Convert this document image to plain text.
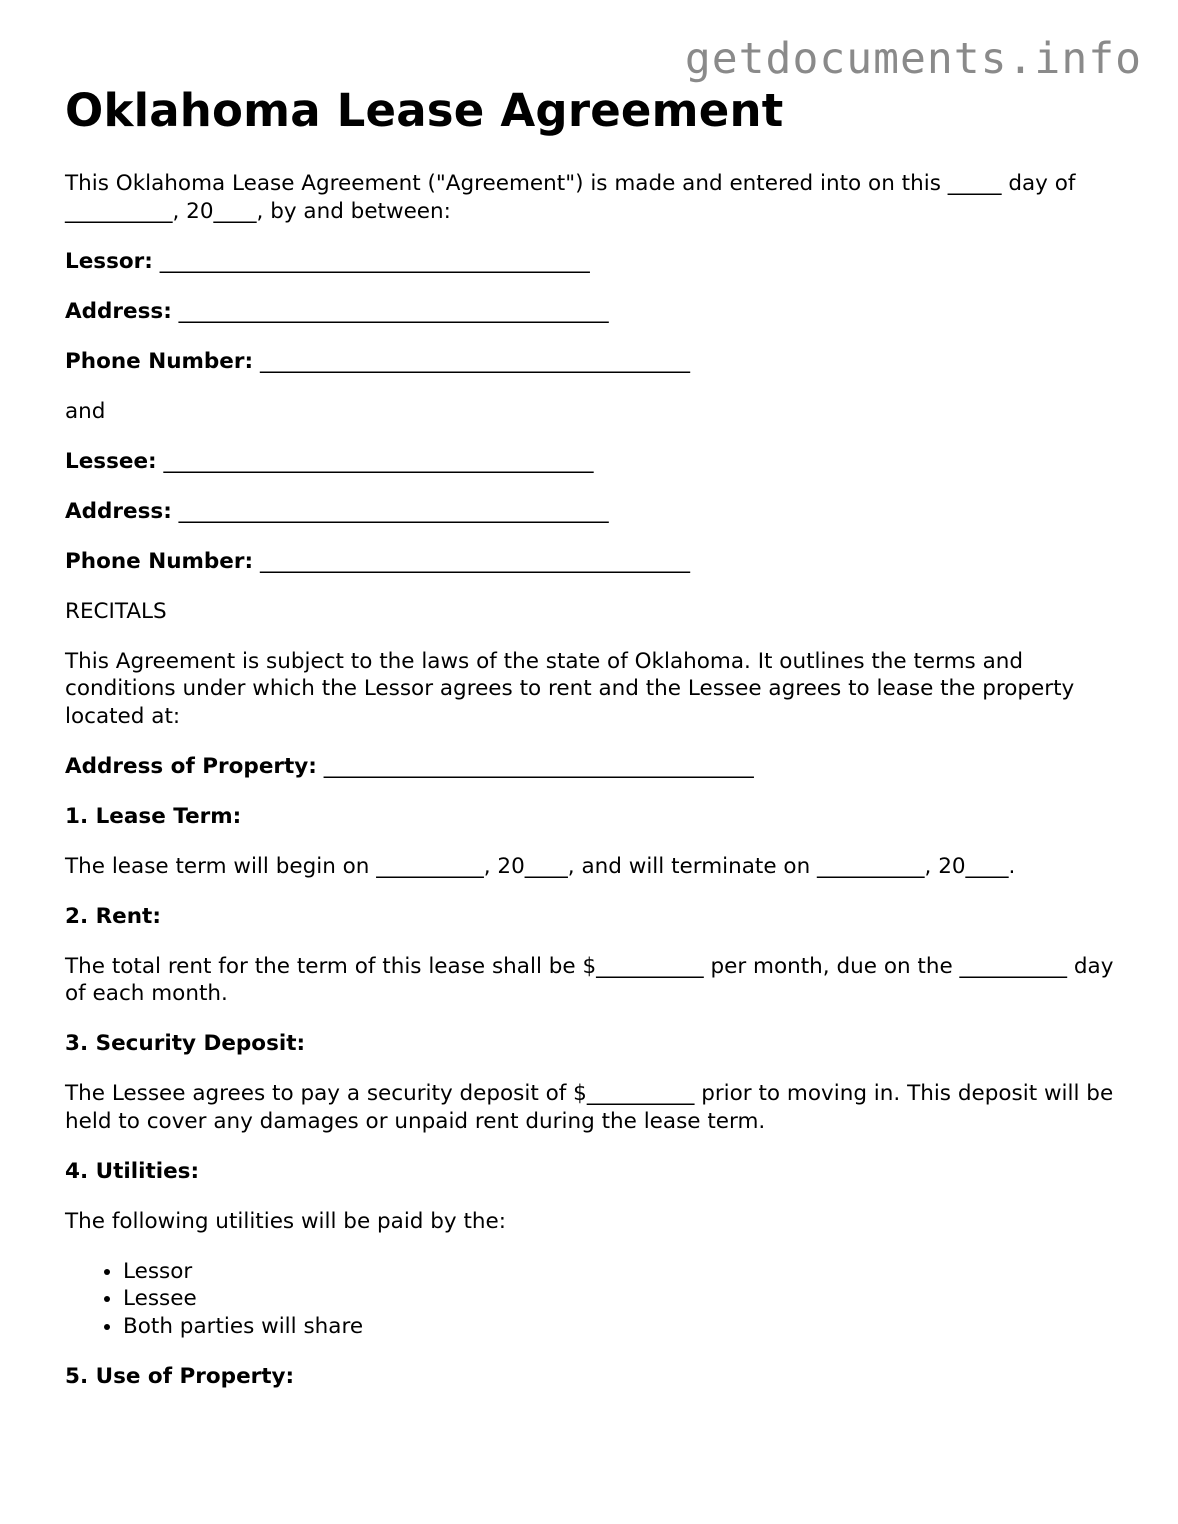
getdocuments.info
Oklahoma Lease Agreement

This Oklahoma Lease Agreement ("Agreement") is made and entered into on this _____ day of __________, 20____, by and between:

Lessor: ________________________________________

Address: ________________________________________

Phone Number: ________________________________________

and

Lessee: ________________________________________

Address: ________________________________________

Phone Number: ________________________________________

RECITALS

This Agreement is subject to the laws of the state of Oklahoma. It outlines the terms and conditions under which the Lessor agrees to rent and the Lessee agrees to lease the property located at:

Address of Property: ________________________________________

1. Lease Term:

The lease term will begin on __________, 20____, and will terminate on __________, 20____.

2. Rent:

The total rent for the term of this lease shall be $__________ per month, due on the __________ day of each month.

3. Security Deposit:

The Lessee agrees to pay a security deposit of $__________ prior to moving in. This deposit will be held to cover any damages or unpaid rent during the lease term.

4. Utilities:

The following utilities will be paid by the:

• Lessor
• Lessee
• Both parties will share

5. Use of Property:
